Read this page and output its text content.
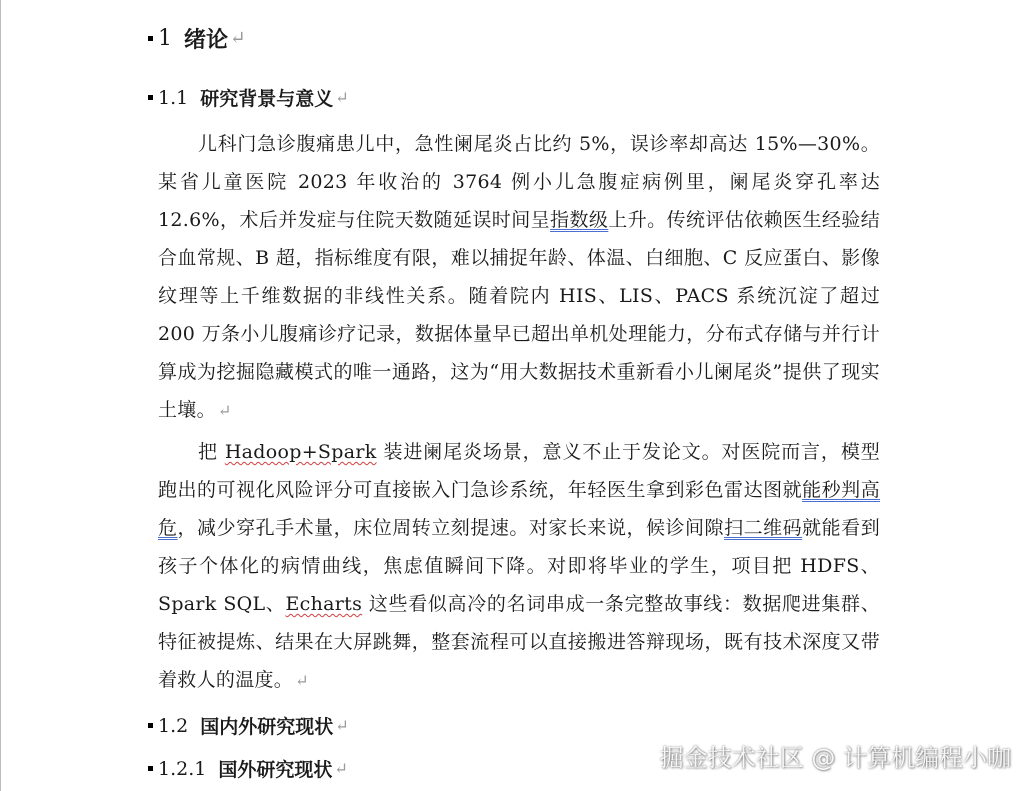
1 绪论 ↵
1.1 研究背景与意义 ↵
儿科门急诊腹痛患儿中，急性阑尾炎占比约 5%，误诊率却高达 15%—30%。某省儿童医院 2023 年收治的 3764 例小儿急腹症病例里，阑尾炎穿孔率达 12.6%，术后并发症与住院天数随延误时间呈指数级上升。传统评估依赖医生经验结合血常规、B 超，指标维度有限，难以捕捉年龄、体温、白细胞、C 反应蛋白、影像纹理等上千维数据的非线性关系。随着院内 HIS、LIS、PACS 系统沉淀了超过 200 万条小儿腹痛诊疗记录，数据体量早已超出单机处理能力，分布式存储与并行计算成为挖掘隐藏模式的唯一通路，这为“用大数据技术重新看小儿阑尾炎”提供了现实土壤。 ↵
把 Hadoop+Spark 装进阑尾炎场景，意义不止于发论文。对医院而言，模型跑出的可视化风险评分可直接嵌入门急诊系统，年轻医生拿到彩色雷达图就能秒判高危，减少穿孔手术量，床位周转立刻提速。对家长来说，候诊间隙扫二维码就能看到孩子个体化的病情曲线，焦虑值瞬间下降。对即将毕业的学生，项目把 HDFS、Spark SQL、Echarts 这些看似高冷的名词串成一条完整故事线：数据爬进集群、特征被提炼、结果在大屏跳舞，整套流程可以直接搬进答辩现场，既有技术深度又带着救人的温度。 ↵
1.2 国内外研究现状 ↵
1.2.1 国外研究现状 ↵	掘金技术社区 @ 计算机编程小咖
